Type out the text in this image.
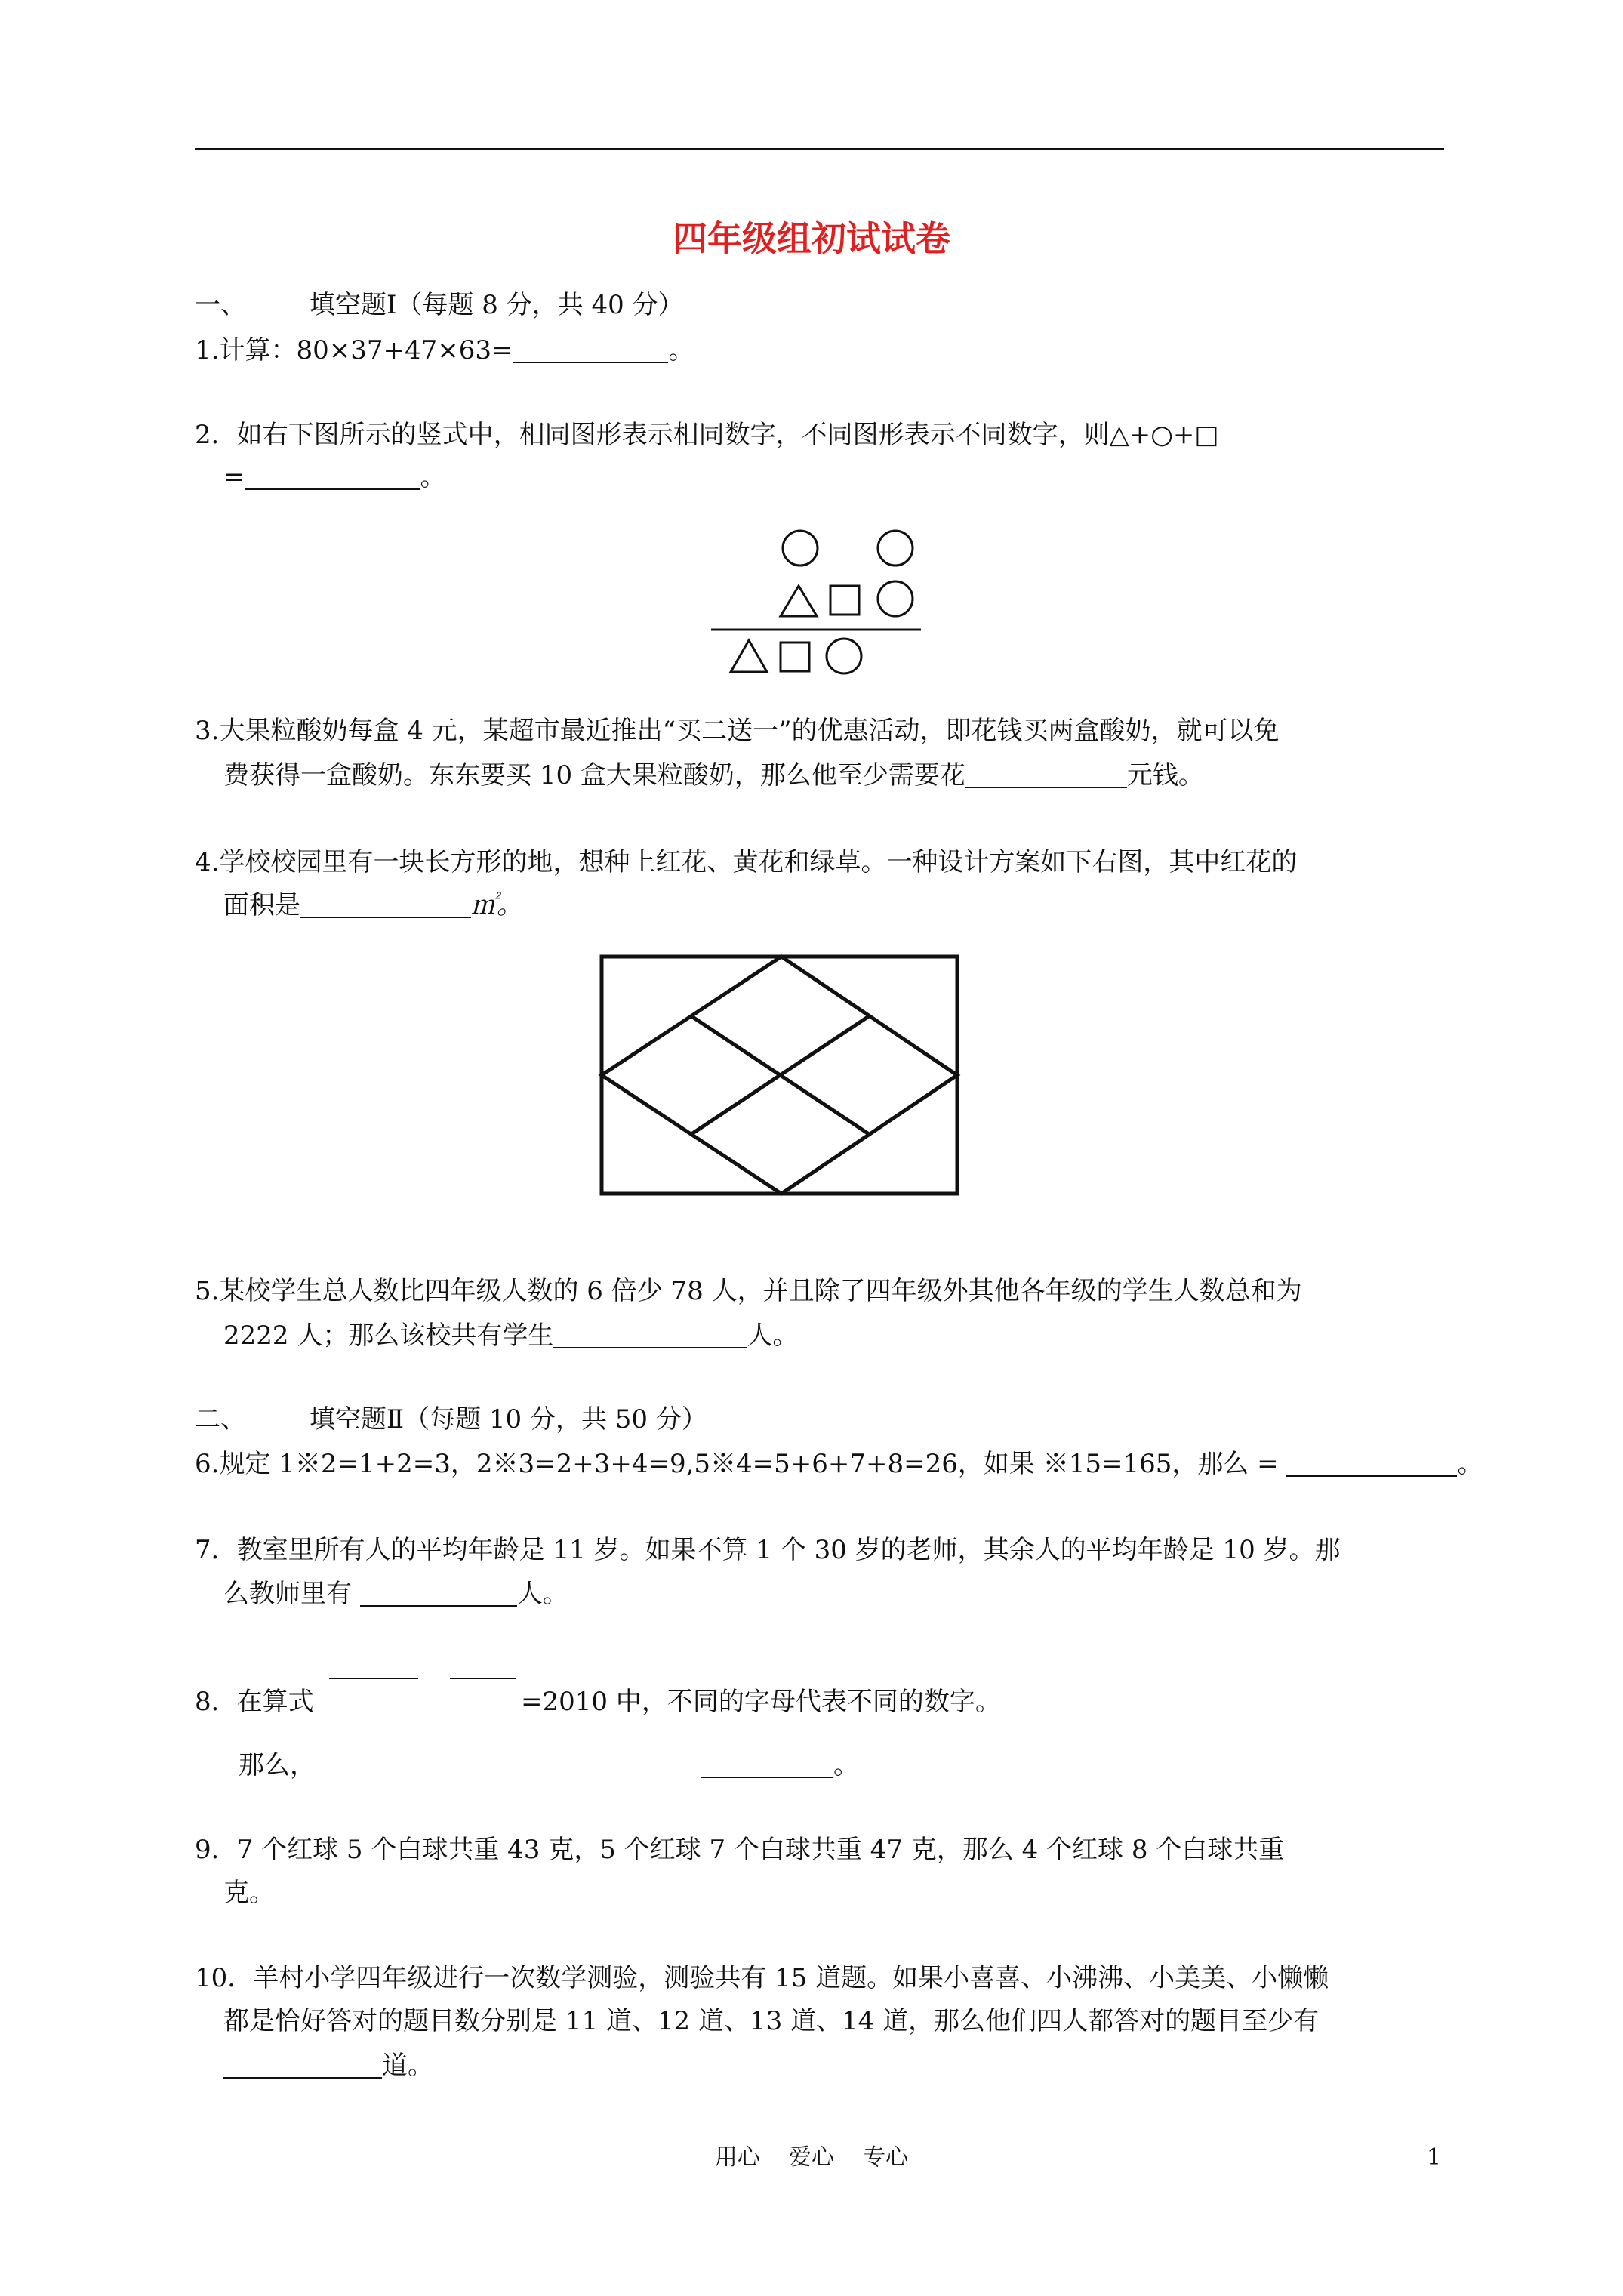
四年级组初试试卷
一、 填空题Ⅰ（每题 8 分，共 40 分）
1.计算：80×37+47×63=	。
2．如右下图所示的竖式中，相同图形表示相同数字，不同图形表示不同数字，则△+○+□
=	。
3.大果粒酸奶每盒 4 元，某超市最近推出“买二送一”的优惠活动，即花钱买两盒酸奶，就可以免
费获得一盒酸奶。东东要买 10 盒大果粒酸奶，那么他至少需要花	元钱。
4.学校校园里有一块长方形的地，想种上红花、黄花和绿草。一种设计方案如下右图，其中红花的
面积是	㎡。
5.某校学生总人数比四年级人数的 6 倍少 78 人，并且除了四年级外其他各年级的学生人数总和为
2222 人；那么该校共有学生	人。
二、 填空题Ⅱ（每题 10 分，共 50 分）
6.规定 1※2=1+2=3，2※3=2+3+4=9,5※4=5+6+7+8=26，如果 ※15=165，那么 =	。
7．教室里所有人的平均年龄是 11 岁。如果不算 1 个 30 岁的老师，其余人的平均年龄是 10 岁。那
么教师里有	人。
8．在算式	=2010 中，不同的字母代表不同的数字。
那么，	。
9．7 个红球 5 个白球共重 43 克，5 个红球 7 个白球共重 47 克，那么 4 个红球 8 个白球共重
克。
10．羊村小学四年级进行一次数学测验，测验共有 15 道题。如果小喜喜、小沸沸、小美美、小懒懒
都是恰好答对的题目数分别是 11 道、12 道、13 道、14 道，那么他们四人都答对的题目至少有
道。
用心    爱心    专心	1
